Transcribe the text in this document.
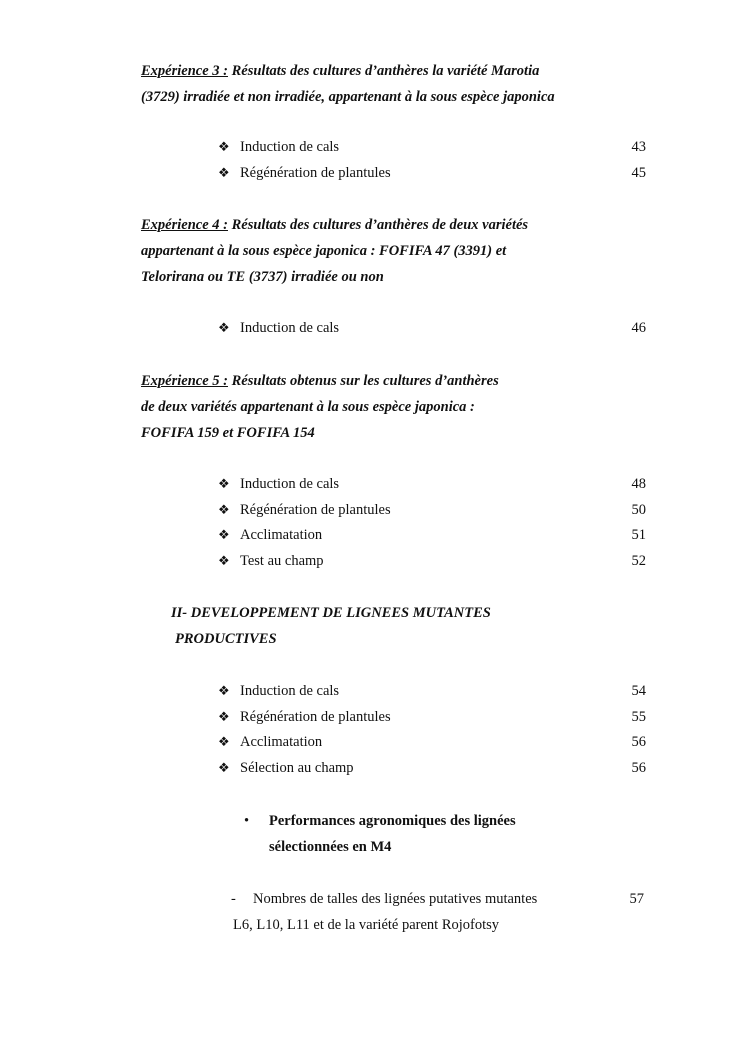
Expérience 3 : Résultats des cultures d’anthères la variété Marotia
(3729) irradiée et non irradiée, appartenant à la sous espèce japonica
❖ Induction de cals	43
❖ Régénération de plantules	45
Expérience 4 : Résultats des cultures d’anthères de deux variétés
appartenant à la sous espèce japonica : FOFIFA 47 (3391) et
Telorirana ou TE (3737) irradiée ou non
❖ Induction de cals	46
Expérience 5 : Résultats obtenus sur les cultures d’anthères
de deux variétés appartenant à la sous espèce japonica :
FOFIFA 159 et FOFIFA 154
❖ Induction de cals	48
❖ Régénération de plantules	50
❖ Acclimatation	51
❖ Test au champ	52
II- DEVELOPPEMENT DE LIGNEES MUTANTES
PRODUCTIVES
❖ Induction de cals	54
❖ Régénération de plantules	55
❖ Acclimatation	56
❖ Sélection au champ	56
• Performances agronomiques des lignées
sélectionnées en M4
- Nombres de talles des lignées putatives mutantes	57
L6, L10, L11 et de la variété parent Rojofotsy
